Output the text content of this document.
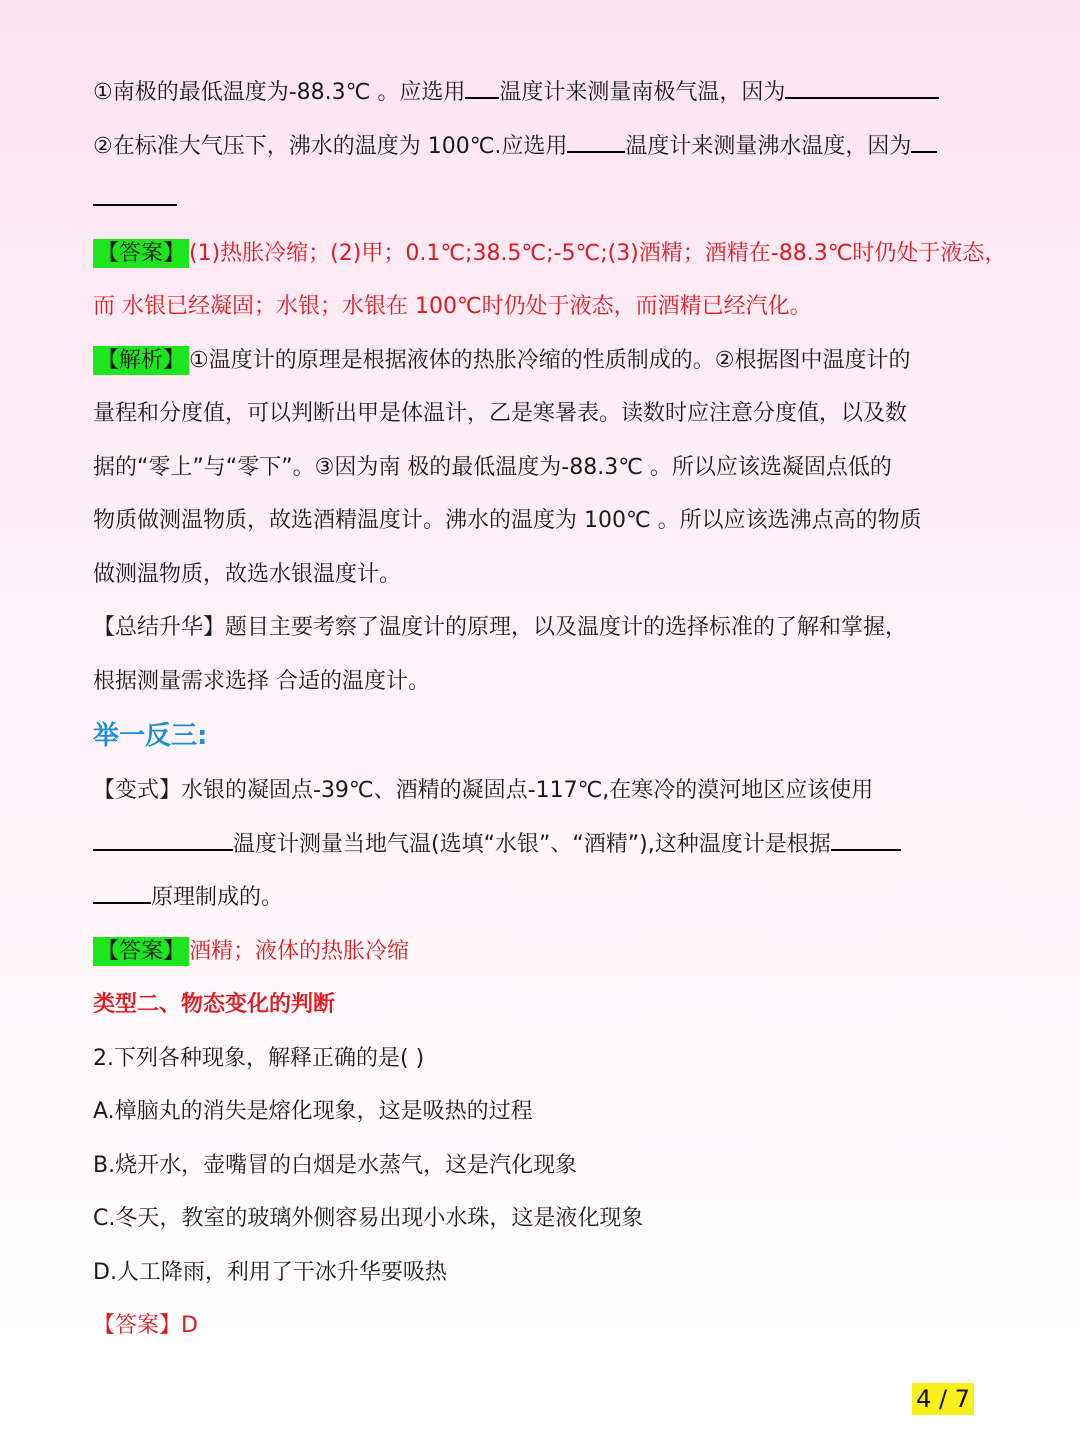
①南极的最低温度为-88.3℃ 。应选用 温度计来测量南极气温，因为
②在标准大气压下，沸水的温度为 100℃.应选用	温度计来测量沸水温度，因为
【答案】 (1)热胀冷缩；(2)甲；0.1℃;38.5℃;-5℃;(3)酒精；酒精在-88.3℃时仍处于液态，
而 水银已经凝固；水银；水银在 100℃时仍处于液态，而酒精已经汽化。
【解析】 ①温度计的原理是根据液体的热胀冷缩的性质制成的。②根据图中温度计的
量程和分度值，可以判断出甲是体温计，乙是寒暑表。读数时应注意分度值，以及数
据的“零上”与“零下”。③因为南 极的最低温度为-88.3℃ 。所以应该选凝固点低的
物质做测温物质，故选酒精温度计。沸水的温度为 100℃ 。所以应该选沸点高的物质
做测温物质，故选水银温度计。
【总结升华】题目主要考察了温度计的原理，以及温度计的选择标准的了解和掌握，
根据测量需求选择 合适的温度计。
举一反三:
【变式】水银的凝固点-39℃、酒精的凝固点-117℃,在寒冷的漠河地区应该使用
温度计测量当地气温(选填“水银”、“酒精”),这种温度计是根据
原理制成的。
【答案】 酒精；液体的热胀冷缩
类型二、物态变化的判断
2.下列各种现象，解释正确的是( )
A.樟脑丸的消失是熔化现象，这是吸热的过程
B.烧开水，壶嘴冒的白烟是水蒸气，这是汽化现象
C.冬天，教室的玻璃外侧容易出现小水珠，这是液化现象
D.人工降雨，利用了干冰升华要吸热
【答案】D
4 / 7
